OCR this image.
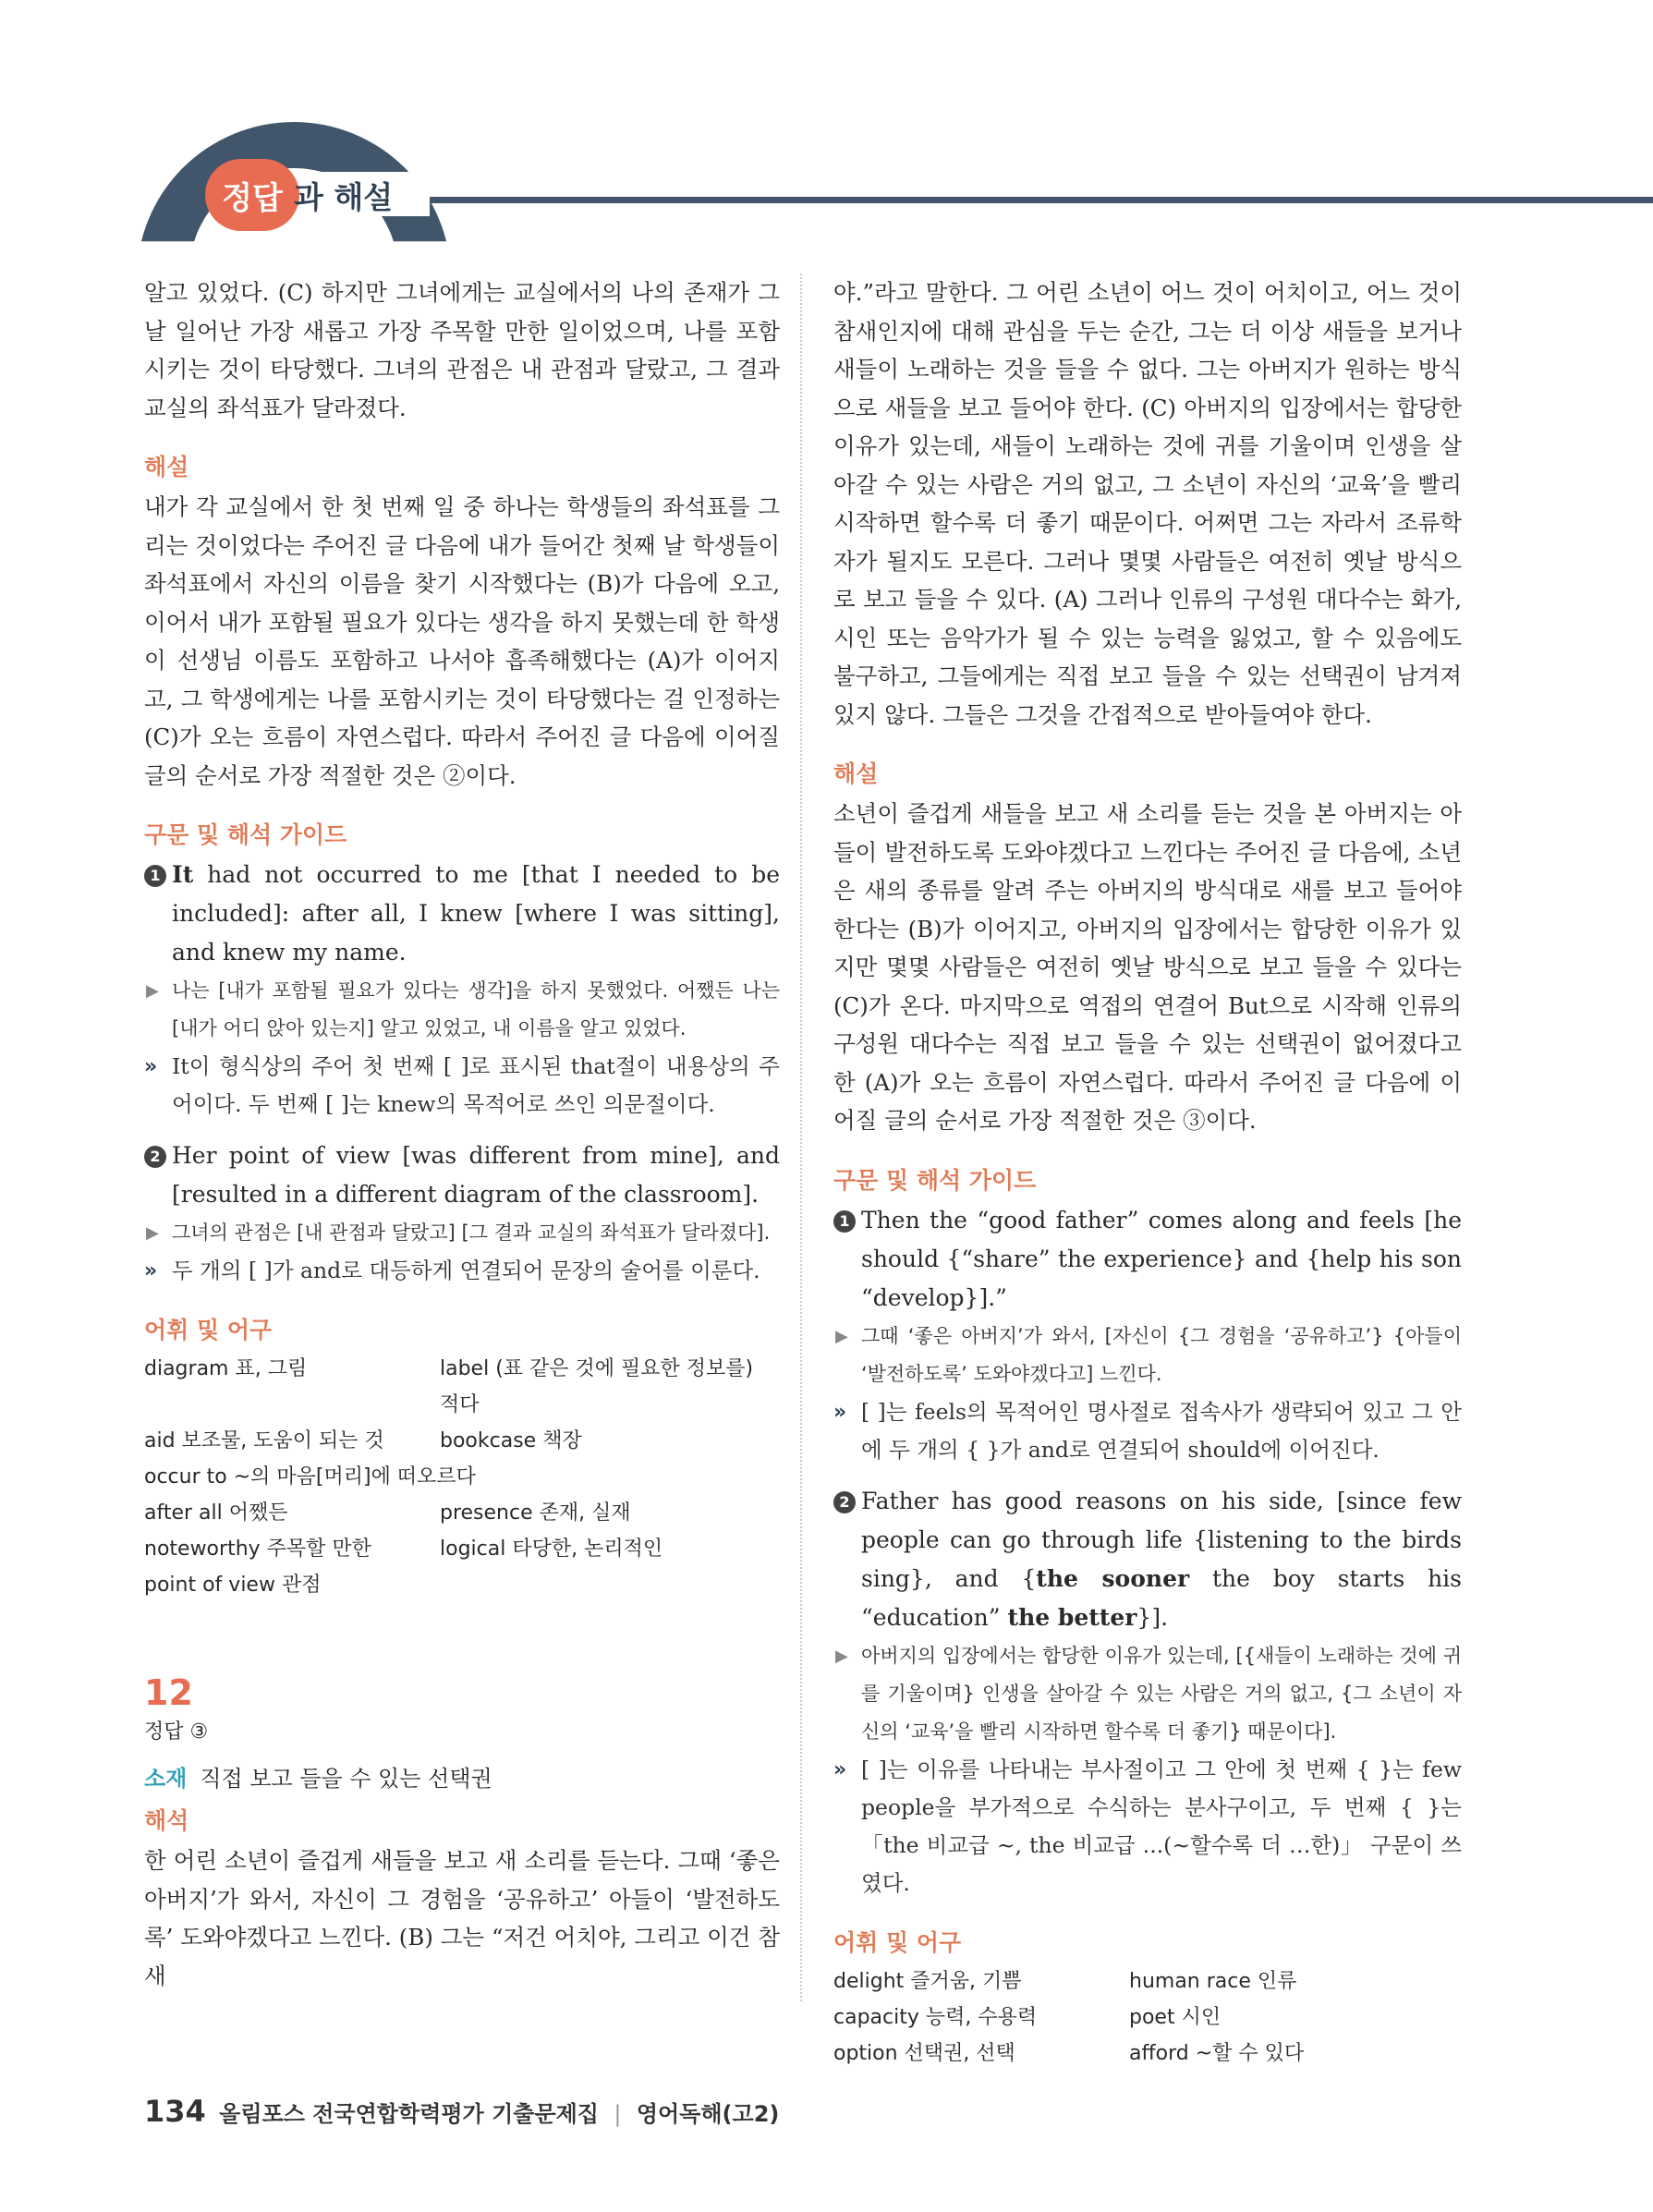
정답 과 해설

알고 있었다. (C) 하지만 그녀에게는 교실에서의 나의 존재가 그 날 일어난 가장 새롭고 가장 주목할 만한 일이었으며, 나를 포함시키는 것이 타당했다. 그녀의 관점은 내 관점과 달랐고, 그 결과 교실의 좌석표가 달라졌다.

해설

내가 각 교실에서 한 첫 번째 일 중 하나는 학생들의 좌석표를 그리는 것이었다는 주어진 글 다음에 내가 들어간 첫째 날 학생들이 좌석표에서 자신의 이름을 찾기 시작했다는 (B)가 다음에 오고, 이어서 내가 포함될 필요가 있다는 생각을 하지 못했는데 한 학생이 선생님 이름도 포함하고 나서야 흡족해했다는 (A)가 이어지고, 그 학생에게는 나를 포함시키는 것이 타당했다는 걸 인정하는 (C)가 오는 흐름이 자연스럽다. 따라서 주어진 글 다음에 이어질 글의 순서로 가장 적절한 것은 ②이다.

구문 및 해석 가이드
1 It had not occurred to me [that I needed to be included]: after all, I knew [where I was sitting], and knew my name.
▶ 나는 [내가 포함될 필요가 있다는 생각]을 하지 못했었다. 어쨌든 나는 [내가 어디 앉아 있는지] 알고 있었고, 내 이름을 알고 있었다.
» It이 형식상의 주어 첫 번째 [ ]로 표시된 that절이 내용상의 주어이다. 두 번째 [ ]는 knew의 목적어로 쓰인 의문절이다.
2 Her point of view [was different from mine], and [resulted in a different diagram of the classroom].
▶ 그녀의 관점은 [내 관점과 달랐고] [그 결과 교실의 좌석표가 달라졌다].
» 두 개의 [ ]가 and로 대등하게 연결되어 문장의 술어를 이룬다.
어휘 및 어구
diagram 표, 그림	label (표 같은 것에 필요한 정보를) 적다
aid 보조물, 도움이 되는 것	bookcase 책장
occur to ~의 마음[머리]에 떠오르다
after all 어쨌든	presence 존재, 실재
noteworthy 주목할 만한	logical 타당한, 논리적인
point of view 관점
12
정답 ③
소재 직접 보고 들을 수 있는 선택권
해석

한 어린 소년이 즐겁게 새들을 보고 새 소리를 듣는다. 그때 ‘좋은 아버지’가 와서, 자신이 그 경험을 ‘공유하고’ 아들이 ‘발전하도록’ 도와야겠다고 느낀다. (B) 그는 “저건 어치야, 그리고 이건 참새

야.”라고 말한다. 그 어린 소년이 어느 것이 어치이고, 어느 것이 참새인지에 대해 관심을 두는 순간, 그는 더 이상 새들을 보거나 새들이 노래하는 것을 들을 수 없다. 그는 아버지가 원하는 방식으로 새들을 보고 들어야 한다. (C) 아버지의 입장에서는 합당한 이유가 있는데, 새들이 노래하는 것에 귀를 기울이며 인생을 살아갈 수 있는 사람은 거의 없고, 그 소년이 자신의 ‘교육’을 빨리 시작하면 할수록 더 좋기 때문이다. 어쩌면 그는 자라서 조류학자가 될지도 모른다. 그러나 몇몇 사람들은 여전히 옛날 방식으로 보고 들을 수 있다. (A) 그러나 인류의 구성원 대다수는 화가, 시인 또는 음악가가 될 수 있는 능력을 잃었고, 할 수 있음에도 불구하고, 그들에게는 직접 보고 들을 수 있는 선택권이 남겨져 있지 않다. 그들은 그것을 간접적으로 받아들여야 한다.

해설

소년이 즐겁게 새들을 보고 새 소리를 듣는 것을 본 아버지는 아들이 발전하도록 도와야겠다고 느낀다는 주어진 글 다음에, 소년은 새의 종류를 알려 주는 아버지의 방식대로 새를 보고 들어야 한다는 (B)가 이어지고, 아버지의 입장에서는 합당한 이유가 있지만 몇몇 사람들은 여전히 옛날 방식으로 보고 들을 수 있다는 (C)가 온다. 마지막으로 역접의 연결어 But으로 시작해 인류의 구성원 대다수는 직접 보고 들을 수 있는 선택권이 없어졌다고 한 (A)가 오는 흐름이 자연스럽다. 따라서 주어진 글 다음에 이어질 글의 순서로 가장 적절한 것은 ③이다.

구문 및 해석 가이드
1 Then the “good father” comes along and feels [he should {“share” the experience} and {help his son “develop}].”
▶ 그때 ‘좋은 아버지’가 와서, [자신이 {그 경험을 ‘공유하고’} {아들이 ‘발전하도록’ 도와야겠다고] 느낀다.
» [ ]는 feels의 목적어인 명사절로 접속사가 생략되어 있고 그 안에 두 개의 { }가 and로 연결되어 should에 이어진다.
2 Father has good reasons on his side, [since few people can go through life {listening to the birds sing}, and {the sooner the boy starts his “education” the better}].
▶ 아버지의 입장에서는 합당한 이유가 있는데, [{새들이 노래하는 것에 귀를 기울이며} 인생을 살아갈 수 있는 사람은 거의 없고, {그 소년이 자신의 ‘교육’을 빨리 시작하면 할수록 더 좋기} 때문이다].
» [ ]는 이유를 나타내는 부사절이고 그 안에 첫 번째 { }는 few people을 부가적으로 수식하는 분사구이고, 두 번째 { }는 「the 비교급 ~, the 비교급 ...(~할수록 더 …한)」 구문이 쓰였다.
어휘 및 어구
delight 즐거움, 기쁨	human race 인류
capacity 능력, 수용력	poet 시인
option 선택권, 선택	afford ~할 수 있다
134 올림포스 전국연합학력평가 기출문제집 | 영어독해(고2)
